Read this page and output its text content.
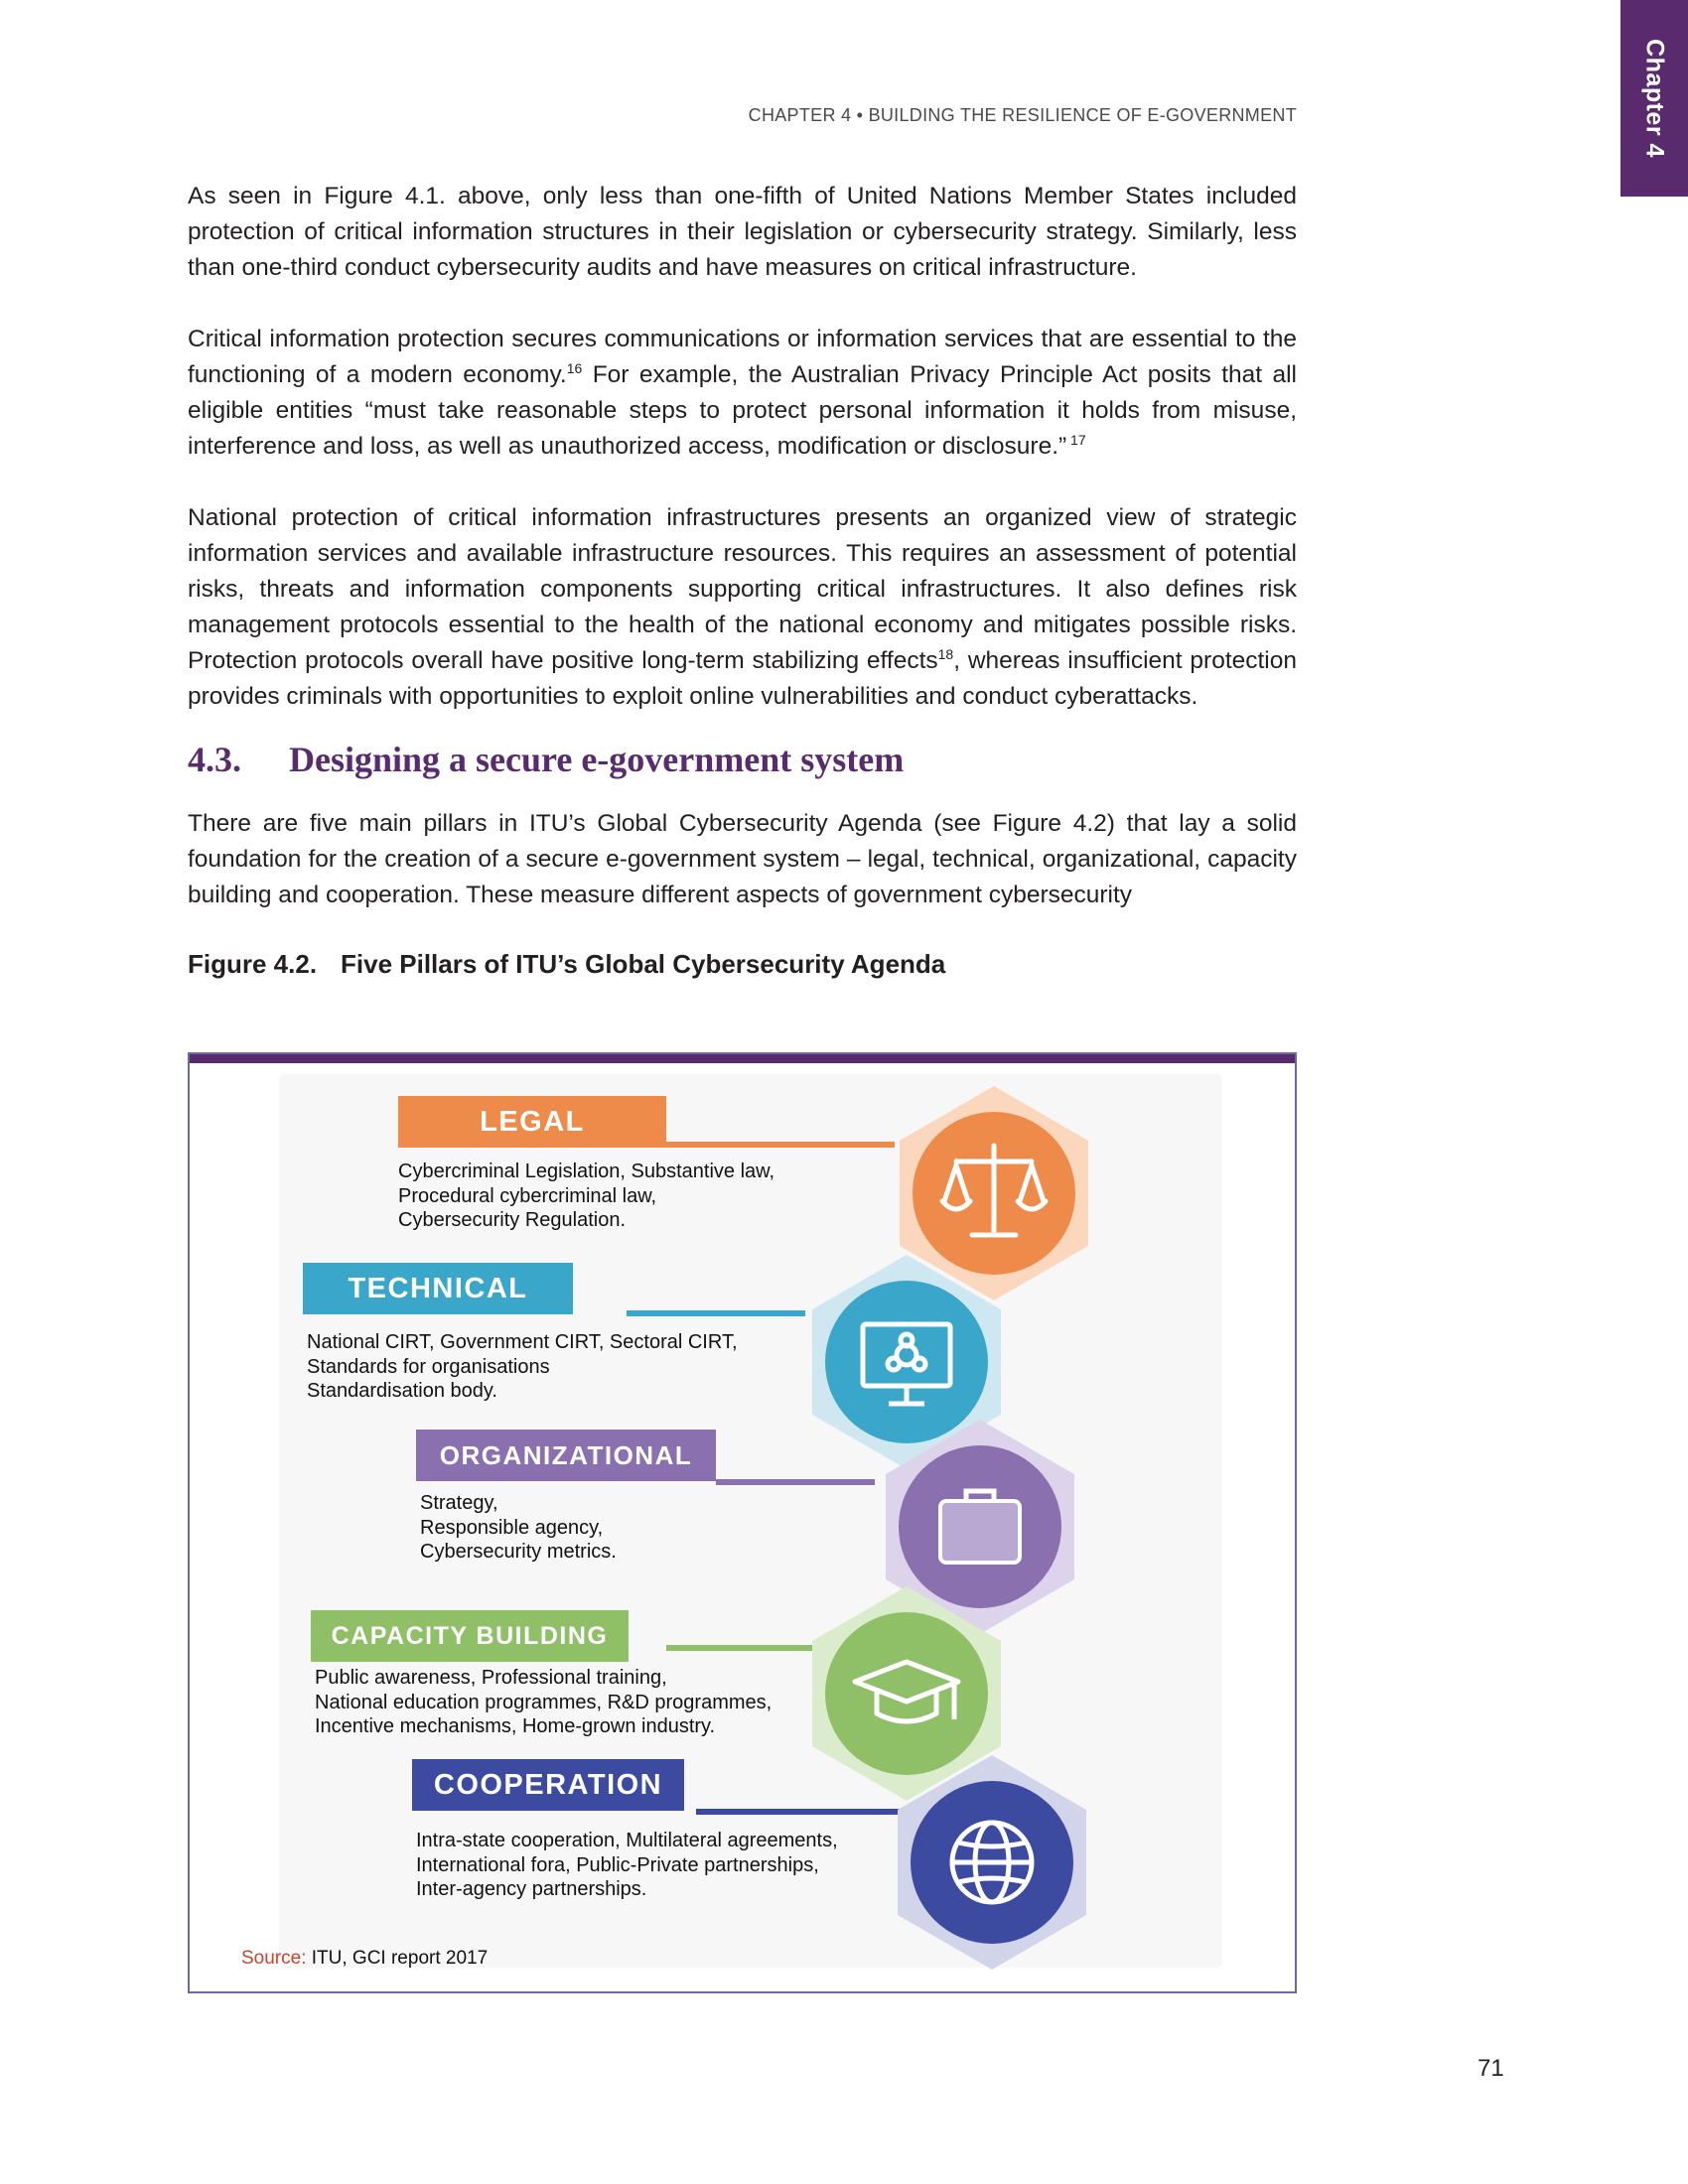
Chapter 4
CHAPTER 4 • BUILDING THE RESILIENCE OF E-GOVERNMENT

As seen in Figure 4.1. above, only less than one-fifth of United Nations Member States included protection of critical information structures in their legislation or cybersecurity strategy. Similarly, less than one-third conduct cybersecurity audits and have measures on critical infrastructure.

Critical information protection secures communications or information services that are essential to the functioning of a modern economy.$^{16}$ For example, the Australian Privacy Principle Act posits that all eligible entities “must take reasonable steps to protect personal information it holds from misuse, interference and loss, as well as unauthorized access, modification or disclosure.” $^{17}$

National protection of critical information infrastructures presents an organized view of strategic information services and available infrastructure resources. This requires an assessment of potential risks, threats and information components supporting critical infrastructures. It also defines risk management protocols essential to the health of the national economy and mitigates possible risks. Protection protocols overall have positive long-term stabilizing effects$^{18}$, whereas insufficient protection provides criminals with opportunities to exploit online vulnerabilities and conduct cyberattacks.

4.3. Designing a secure e-government system

There are five main pillars in ITU’s Global Cybersecurity Agenda (see Figure 4.2) that lay a solid foundation for the creation of a secure e-government system – legal, technical, organizational, capacity building and cooperation. These measure different aspects of government cybersecurity

Figure 4.2. Five Pillars of ITU’s Global Cybersecurity Agenda
LEGAL
Cybercriminal Legislation, Substantive law,
Procedural cybercriminal law,
Cybersecurity Regulation.
TECHNICAL
National CIRT, Government CIRT, Sectoral CIRT,
Standards for organisations
Standardisation body.
ORGANIZATIONAL
Strategy,
Responsible agency,
Cybersecurity metrics.
CAPACITY BUILDING
Public awareness, Professional training,
National education programmes, R&D programmes,
Incentive mechanisms, Home-grown industry.
COOPERATION
Intra-state cooperation, Multilateral agreements,
International fora, Public-Private partnerships,
Inter-agency partnerships.
Source: ITU, GCI report 2017
71
